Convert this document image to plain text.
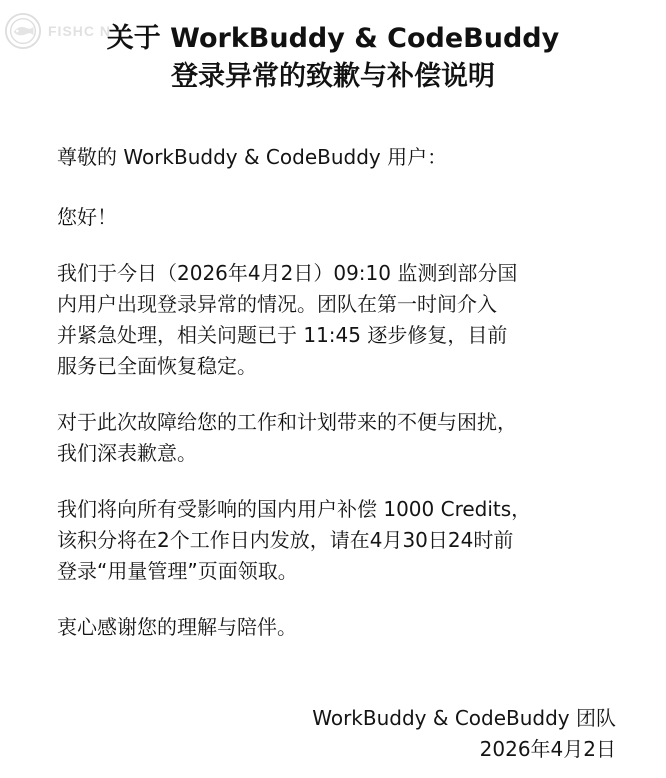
FISHC N
关于 WorkBuddy & CodeBuddy
登录异常的致歉与补偿说明

尊敬的 WorkBuddy & CodeBuddy 用户：

您好！

我们于今日（2026年4月2日）09:10 监测到部分国
内用户出现登录异常的情况。团队在第一时间介入
并紧急处理，相关问题已于 11:45 逐步修复，目前
服务已全面恢复稳定。
对于此次故障给您的工作和计划带来的不便与困扰，
我们深表歉意。
我们将向所有受影响的国内用户补偿 1000 Credits，
该积分将在2个工作日内发放，请在4月30日24时前
登录“用量管理”页面领取。

衷心感谢您的理解与陪伴。

WorkBuddy & CodeBuddy 团队
2026年4月2日
